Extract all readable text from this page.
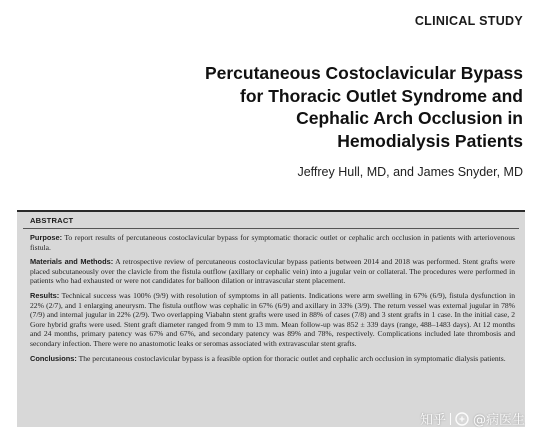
CLINICAL STUDY
Percutaneous Costoclavicular Bypass
for Thoracic Outlet Syndrome and
Cephalic Arch Occlusion in
Hemodialysis Patients
Jeffrey Hull, MD, and James Snyder, MD
ABSTRACT

Purpose: To report results of percutaneous costoclavicular bypass for symptomatic thoracic outlet or cephalic arch occlusion in patients with arteriovenous fistula.

Materials and Methods: A retrospective review of percutaneous costoclavicular bypass patients between 2014 and 2018 was performed. Stent grafts were placed subcutaneously over the clavicle from the fistula outflow (axillary or cephalic vein) into a jugular vein or collateral. The procedures were performed in patients who had exhausted or were not candidates for balloon dilation or intravascular stent placement.

Results: Technical success was 100% (9/9) with resolution of symptoms in all patients. Indications were arm swelling in 67% (6/9), fistula dysfunction in 22% (2/7), and 1 enlarging aneurysm. The fistula outflow was cephalic in 67% (6/9) and axillary in 33% (3/9). The return vessel was external jugular in 78% (7/9) and internal jugular in 22% (2/9). Two overlapping Viabahn stent grafts were used in 88% of cases (7/8) and 3 stent grafts in 1 case. In the initial case, 2 Gore hybrid grafts were used. Stent graft diameter ranged from 9 mm to 13 mm. Mean follow-up was 852 ± 339 days (range, 488–1483 days). At 12 months and 24 months, primary patency was 67% and 67%, and secondary patency was 89% and 78%, respectively. Complications included late thrombosis and secondary infection. There were no anastomotic leaks or seromas associated with extravascular stent grafts.

Conclusions: The percutaneous costoclavicular bypass is a feasible option for thoracic outlet and cephalic arch occlusion in symptomatic dialysis patients.

知乎 @病医生
